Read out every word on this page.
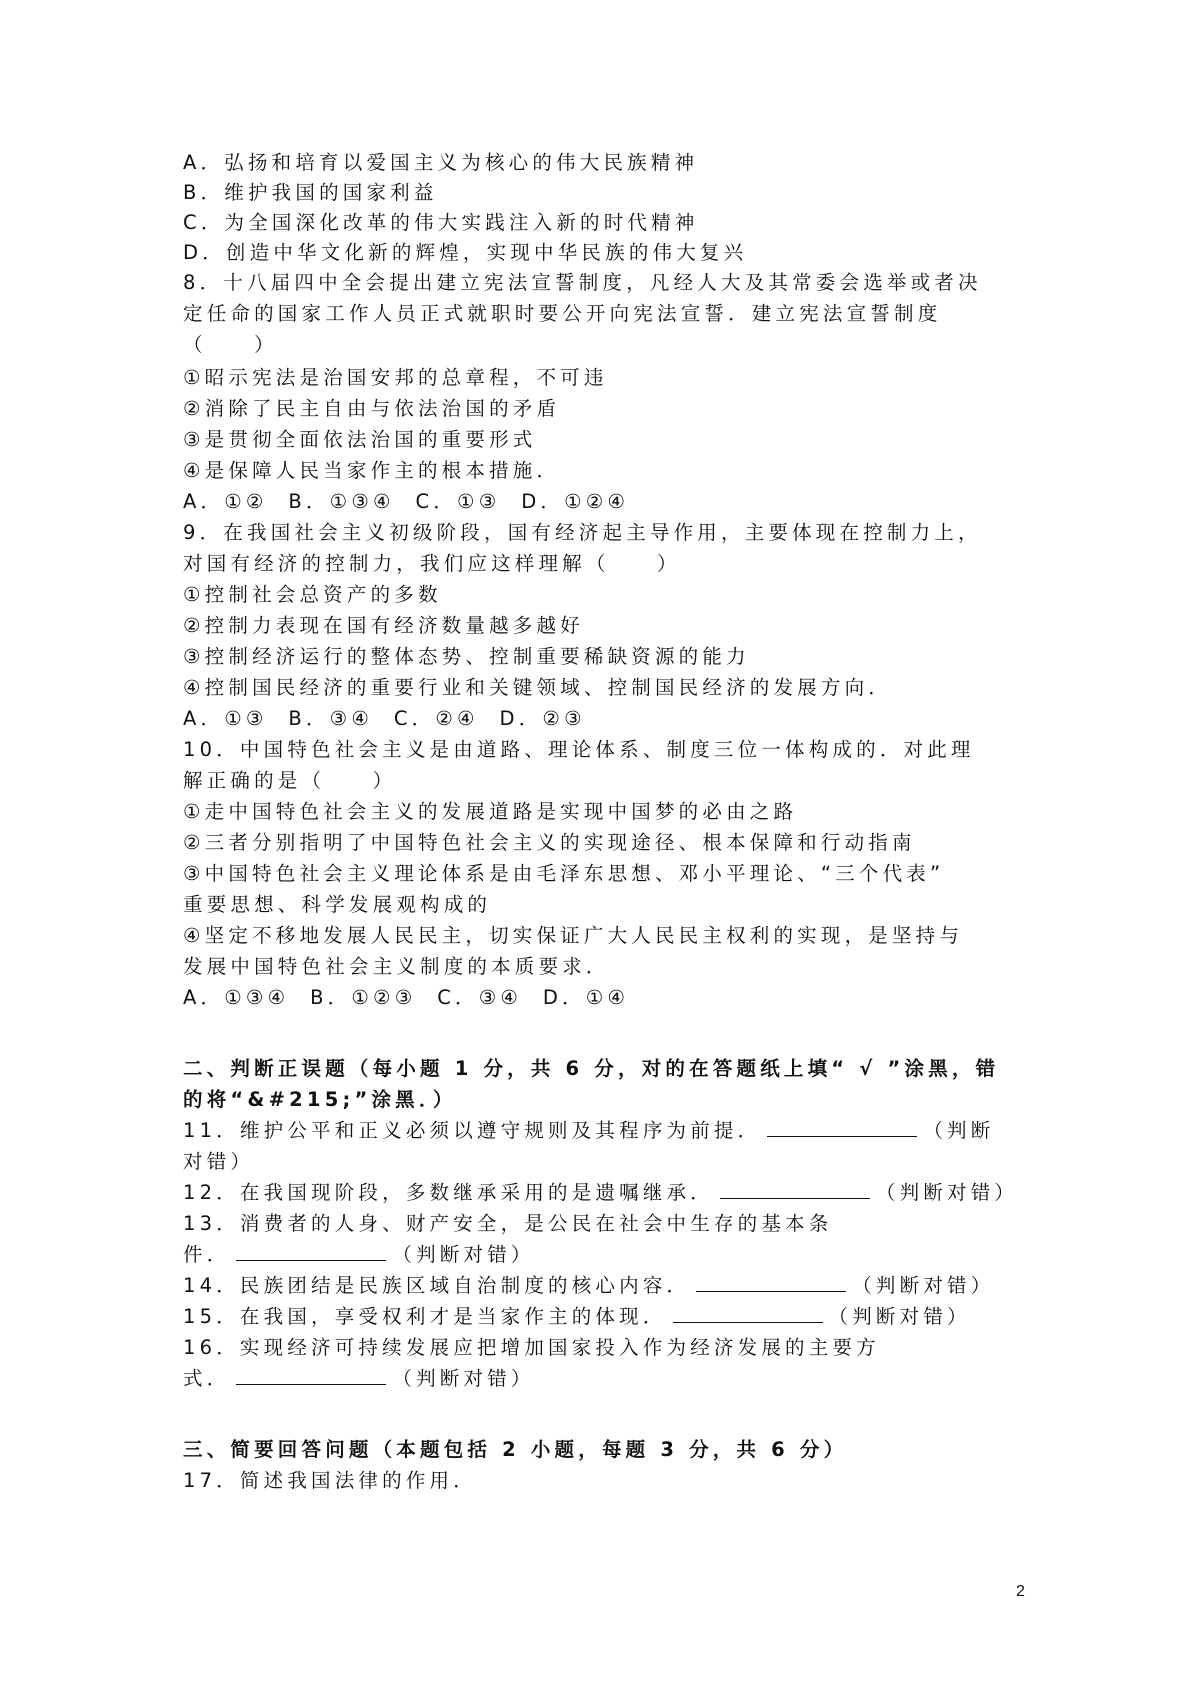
A．弘扬和培育以爱国主义为核心的伟大民族精神
B．维护我国的国家利益
C．为全国深化改革的伟大实践注入新的时代精神
D．创造中华文化新的辉煌，实现中华民族的伟大复兴
8．十八届四中全会提出建立宪法宣誓制度，凡经人大及其常委会选举或者决
定任命的国家工作人员正式就职时要公开向宪法宣誓．建立宪法宣誓制度
（　　）
①昭示宪法是治国安邦的总章程，不可违
②消除了民主自由与依法治国的矛盾
③是贯彻全面依法治国的重要形式
④是保障人民当家作主的根本措施．
A．①②  B．①③④  C．①③  D．①②④
9．在我国社会主义初级阶段，国有经济起主导作用，主要体现在控制力上，
对国有经济的控制力，我们应这样理解（　　）
①控制社会总资产的多数
②控制力表现在国有经济数量越多越好
③控制经济运行的整体态势、控制重要稀缺资源的能力
④控制国民经济的重要行业和关键领域、控制国民经济的发展方向．
A．①③  B．③④  C．②④  D．②③
10．中国特色社会主义是由道路、理论体系、制度三位一体构成的．对此理
解正确的是（　　）
①走中国特色社会主义的发展道路是实现中国梦的必由之路
②三者分别指明了中国特色社会主义的实现途径、根本保障和行动指南
③中国特色社会主义理论体系是由毛泽东思想、邓小平理论、“三个代表”
重要思想、科学发展观构成的
④坚定不移地发展人民民主，切实保证广大人民民主权利的实现，是坚持与
发展中国特色社会主义制度的本质要求．
A．①③④  B．①②③  C．③④  D．①④
二、判断正误题（每小题 1 分，共 6 分，对的在答题纸上填“ √ ”涂黑，错
的将“&#215;”涂黑．）
11．维护公平和正义必须以遵守规则及其程序为前提．	（判断
对错）
12．在我国现阶段，多数继承采用的是遗嘱继承．	（判断对错）
13．消费者的人身、财产安全，是公民在社会中生存的基本条
件．	（判断对错）
14．民族团结是民族区域自治制度的核心内容．	（判断对错）
15．在我国，享受权利才是当家作主的体现．	（判断对错）
16．实现经济可持续发展应把增加国家投入作为经济发展的主要方
式．	（判断对错）
三、简要回答问题（本题包括 2 小题，每题 3 分，共 6 分）
17．简述我国法律的作用．
2
